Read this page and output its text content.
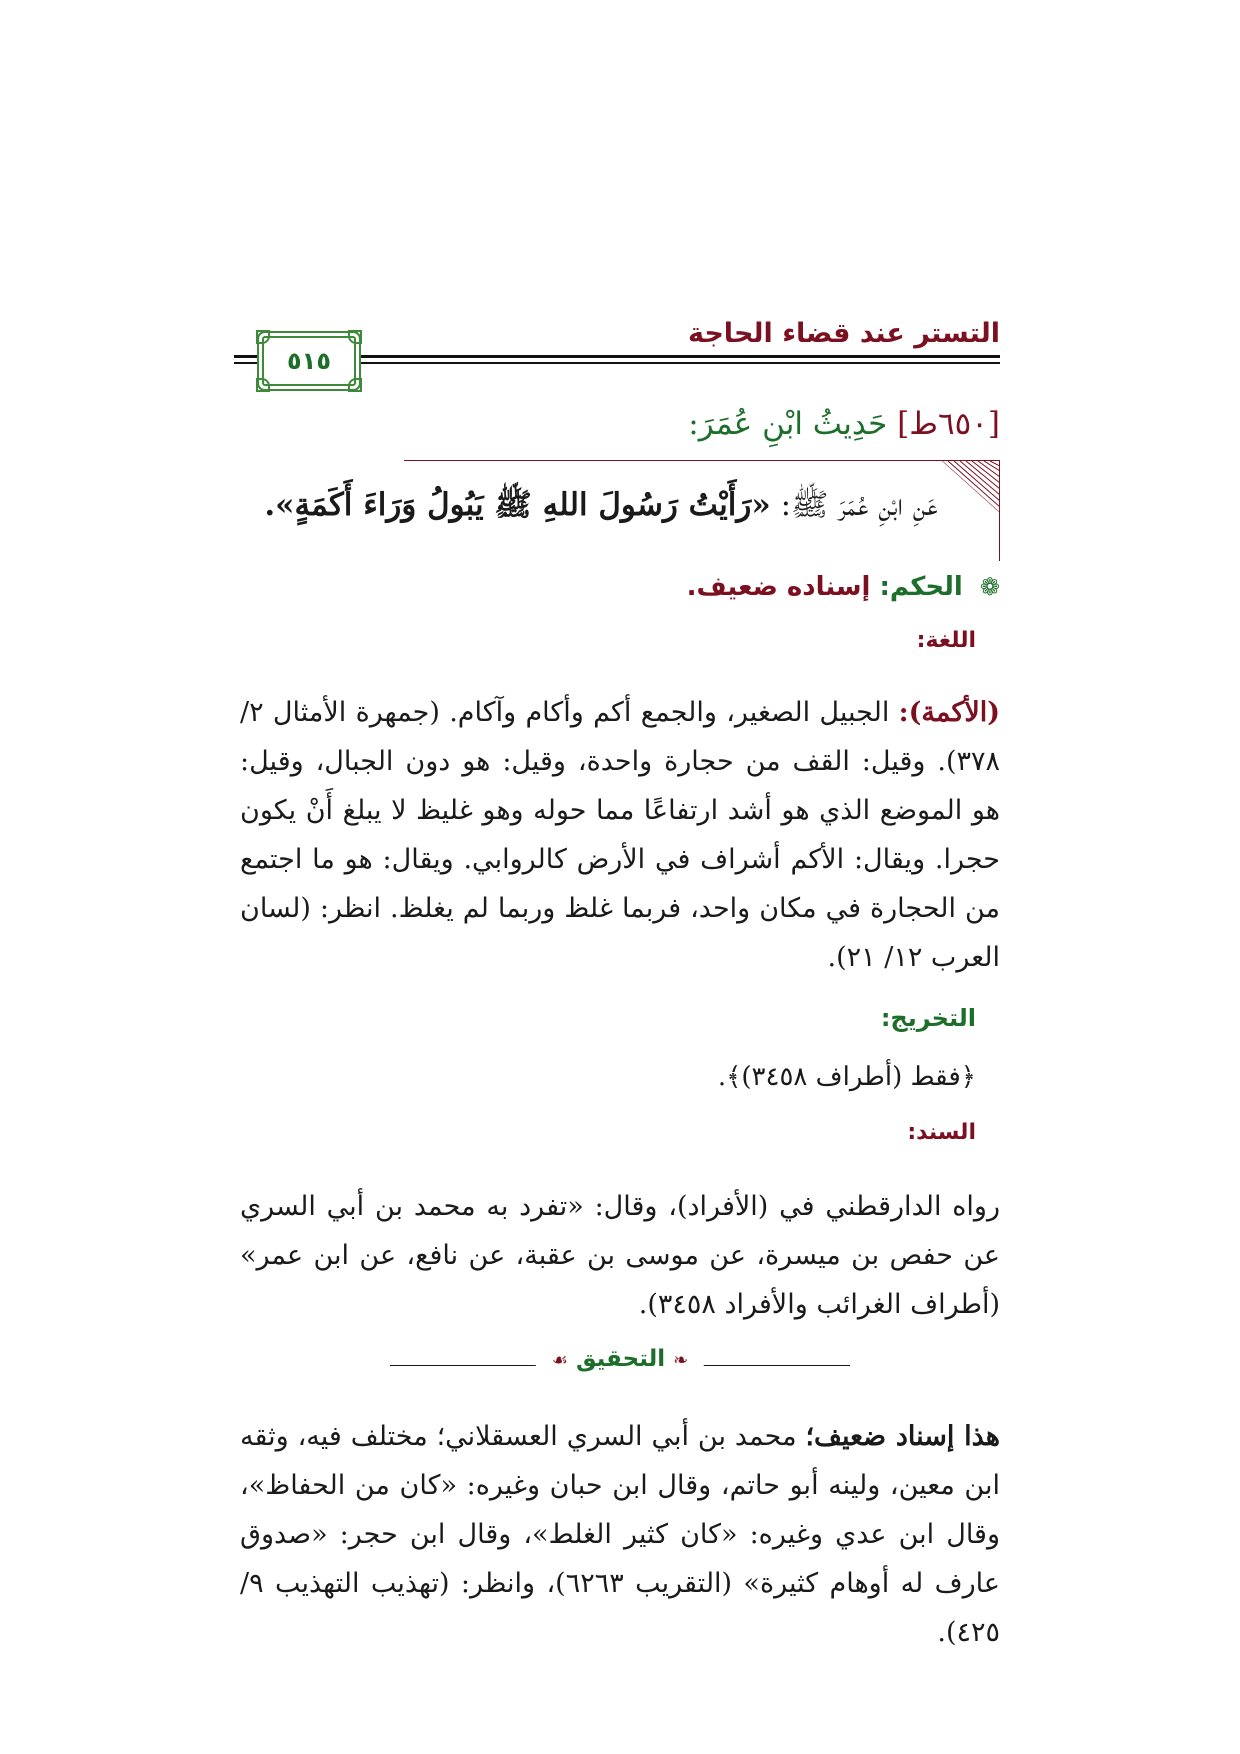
التستر عند قضاء الحاجة
٥١٥
[٦٥٠ط] حَدِيثُ ابْنِ عُمَرَ:
عَنِ ابْنِ عُمَرَ ﷺ: «رَأَيْتُ رَسُولَ اللهِ ﷺ يَبُولُ وَرَاءَ أَكَمَةٍ».
❁ الحكم: إسناده ضعيف.
اللغة:
(الأكمة): الجبيل الصغير، والجمع أكم وأكام وآكام. (جمهرة الأمثال ٢/ ٣٧٨). وقيل: القف من حجارة واحدة، وقيل: هو دون الجبال، وقيل: هو الموضع الذي هو أشد ارتفاعًا مما حوله وهو غليظ لا يبلغ أَنْ يكون حجرا. ويقال: الأكم أشراف في الأرض كالروابي. ويقال: هو ما اجتمع من الحجارة في مكان واحد، فربما غلظ وربما لم يغلظ. انظر: (لسان العرب ١٢/ ٢١).
التخريج:
﴿فقط (أطراف ٣٤٥٨)﴾.
السند:
رواه الدارقطني في (الأفراد)، وقال: «تفرد به محمد بن أبي السري عن حفص بن ميسرة، عن موسى بن عقبة، عن نافع، عن ابن عمر» (أطراف الغرائب والأفراد ٣٤٥٨).
❧ التحقيق ☙
هذا إسناد ضعيف؛ محمد بن أبي السري العسقلاني؛ مختلف فيه، وثقه ابن معين، ولينه أبو حاتم، وقال ابن حبان وغيره: «كان من الحفاظ»، وقال ابن عدي وغيره: «كان كثير الغلط»، وقال ابن حجر: «صدوق عارف له أوهام كثيرة» (التقريب ٦٢٦٣)، وانظر: (تهذيب التهذيب ٩/ ٤٢٥).
